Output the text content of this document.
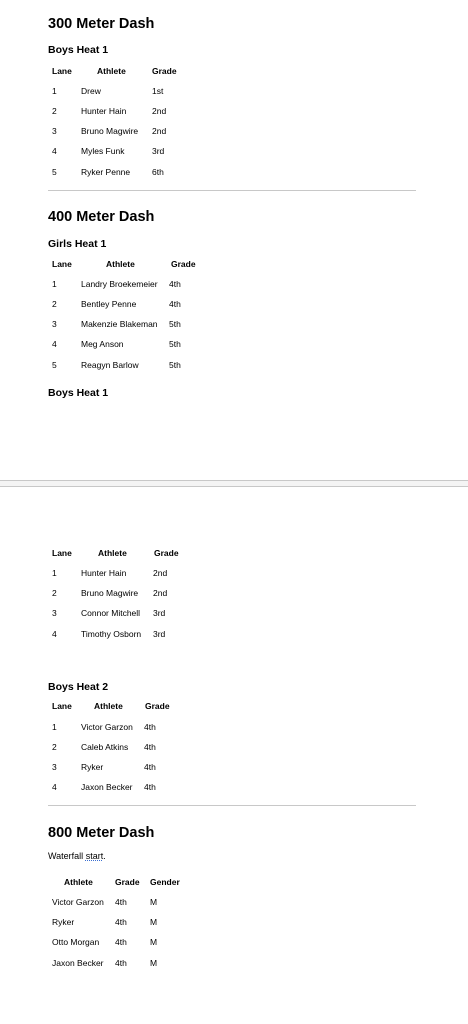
300 Meter Dash
Boys Heat 1
Lane	Athlete	Grade
1	Drew	1st
2	Hunter Hain	2nd
3	Bruno Magwire 2nd
4	Myles Funk	3rd
5	Ryker Penne	6th
400 Meter Dash
Girls Heat 1
Lane	Athlete	Grade
1	Landry Broekemeier 4th
2	Bentley Penne	4th
3	Makenzie Blakeman 5th
4	Meg Anson	5th
5	Reagyn Barlow	5th
Boys Heat 1
Lane	Athlete	Grade
1	Hunter Hain	2nd
2	Bruno Magwire 2nd
3	Connor Mitchell 3rd
4	Timothy Osborn 3rd
Boys Heat 2
Lane	Athlete	Grade
1	Victor Garzon 4th
2	Caleb Atkins 4th
3	Ryker	4th
4	Jaxon Becker 4th
800 Meter Dash
Waterfall start.
Athlete	Grade Gender
Victor Garzon 4th	M
Ryker	4th	M
Otto Morgan 4th	M
Jaxon Becker 4th	M
